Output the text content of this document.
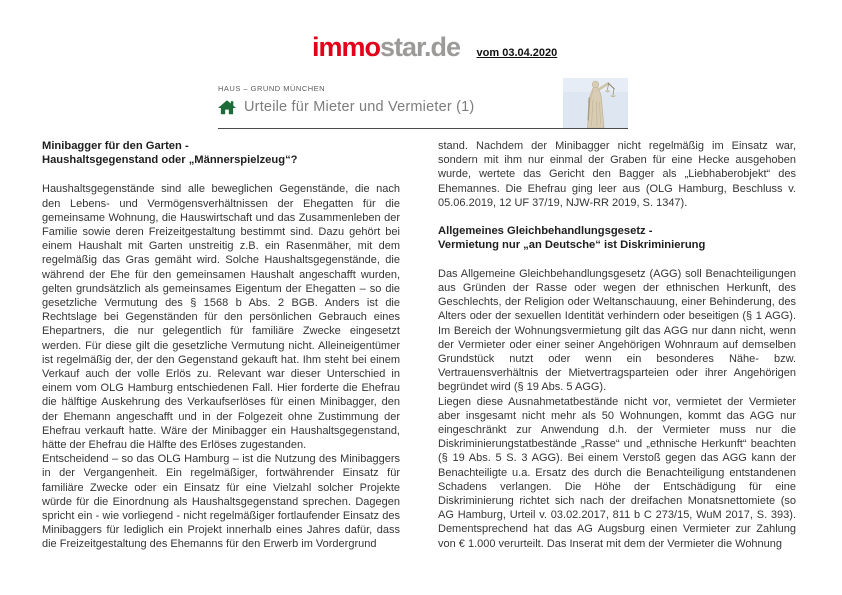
immostar.de vom 03.04.2020
HAUS – GRUND MÜNCHEN
Urteile für Mieter und Vermieter (1)
Minibagger für den Garten -
Haushaltsgegenstand oder „Männerspielzeug“?

Haushaltsgegenstände sind alle beweglichen Gegenstände, die nach den Lebens- und Vermögensverhältnissen der Ehegatten für die gemeinsame Wohnung, die Hauswirtschaft und das Zusammenleben der Familie sowie deren Freizeitgestaltung bestimmt sind. Dazu gehört bei einem Haushalt mit Garten unstreitig z.B. ein Rasenmäher, mit dem regelmäßig das Gras gemäht wird. Solche Haushaltsgegenstände, die während der Ehe für den gemeinsamen Haushalt angeschafft wurden, gelten grundsätzlich als gemeinsames Eigentum der Ehegatten – so die gesetzliche Vermutung des § 1568 b Abs. 2 BGB. Anders ist die Rechtslage bei Gegenständen für den persönlichen Gebrauch eines Ehepartners, die nur gelegentlich für familiäre Zwecke eingesetzt werden. Für diese gilt die gesetzliche Vermutung nicht. Alleineigentümer ist regelmäßig der, der den Gegenstand gekauft hat. Ihm steht bei einem Verkauf auch der volle Erlös zu. Relevant war dieser Unterschied in einem vom OLG Hamburg entschiedenen Fall. Hier forderte die Ehefrau die hälftige Auskehrung des Verkaufserlöses für einen Minibagger, den der Ehemann angeschafft und in der Folgezeit ohne Zustimmung der Ehefrau verkauft hatte. Wäre der Minibagger ein Haushaltsgegenstand, hätte der Ehefrau die Hälfte des Erlöses zugestanden.

Entscheidend – so das OLG Hamburg – ist die Nutzung des Minibaggers in der Vergangenheit. Ein regelmäßiger, fortwährender Einsatz für familiäre Zwecke oder ein Einsatz für eine Vielzahl solcher Projekte würde für die Einordnung als Haushaltsgegenstand sprechen. Dagegen spricht ein - wie vorliegend - nicht regelmäßiger fortlaufender Einsatz des Minibaggers für lediglich ein Projekt innerhalb eines Jahres dafür, dass die Freizeitgestaltung des Ehemanns für den Erwerb im Vordergrund

stand. Nachdem der Minibagger nicht regelmäßig im Einsatz war, sondern mit ihm nur einmal der Graben für eine Hecke ausgehoben wurde, wertete das Gericht den Bagger als „Liebhaberobjekt“ des Ehemannes. Die Ehefrau ging leer aus (OLG Hamburg, Beschluss v. 05.06.2019, 12 UF 37/19, NJW-RR 2019, S. 1347).

Allgemeines Gleichbehandlungsgesetz -
Vermietung nur „an Deutsche“ ist Diskriminierung

Das Allgemeine Gleichbehandlungsgesetz (AGG) soll Benachteiligungen aus Gründen der Rasse oder wegen der ethnischen Herkunft, des Geschlechts, der Religion oder Weltanschauung, einer Behinderung, des Alters oder der sexuellen Identität verhindern oder beseitigen (§ 1 AGG). Im Bereich der Wohnungsvermietung gilt das AGG nur dann nicht, wenn der Vermieter oder einer seiner Angehörigen Wohnraum auf demselben Grundstück nutzt oder wenn ein besonderes Nähe- bzw. Vertrauensverhältnis der Mietvertragsparteien oder ihrer Angehörigen begründet wird (§ 19 Abs. 5 AGG).

Liegen diese Ausnahmetatbestände nicht vor, vermietet der Vermieter aber insgesamt nicht mehr als 50 Wohnungen, kommt das AGG nur eingeschränkt zur Anwendung d.h. der Vermieter muss nur die Diskriminierungstatbestände „Rasse“ und „ethnische Herkunft“ beachten (§ 19 Abs. 5 S. 3 AGG). Bei einem Verstoß gegen das AGG kann der Benachteiligte u.a. Ersatz des durch die Benachteiligung entstandenen Schadens verlangen. Die Höhe der Entschädigung für eine Diskriminierung richtet sich nach der dreifachen Monatsnettomiete (so AG Hamburg, Urteil v. 03.02.2017, 811 b C 273/15, WuM 2017, S. 393). Dementsprechend hat das AG Augsburg einen Vermieter zur Zahlung von € 1.000 verurteilt. Das Inserat mit dem der Vermieter die Wohnung
